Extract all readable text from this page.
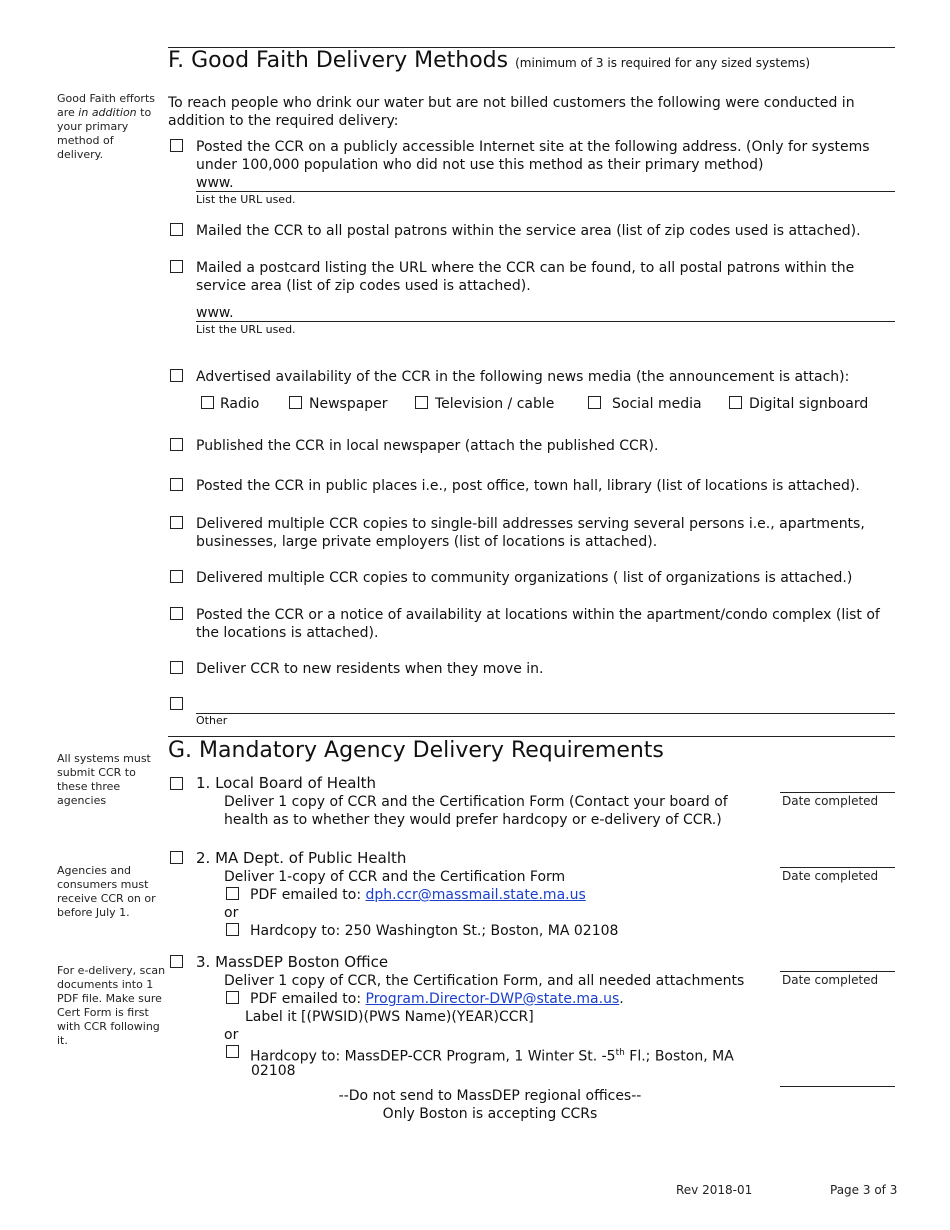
F. Good Faith Delivery Methods (minimum of 3 is required for any sized systems)
Good Faith efforts are in addition to your primary method of delivery.
To reach people who drink our water but are not billed customers the following were conducted in addition to the required delivery:
Posted the CCR on a publicly accessible Internet site at the following address. (Only for systems under 100,000 population who did not use this method as their primary method)
www.
List the URL used.
Mailed the CCR to all postal patrons within the service area (list of zip codes used is attached).
Mailed a postcard listing the URL where the CCR can be found, to all postal patrons within the service area (list of zip codes used is attached).
www.
List the URL used.
Advertised availability of the CCR in the following news media (the announcement is attach):
Radio	Newspaper	Television / cable	Social media	Digital signboard
Published the CCR in local newspaper (attach the published CCR).
Posted the CCR in public places i.e., post office, town hall, library (list of locations is attached).
Delivered multiple CCR copies to single-bill addresses serving several persons i.e., apartments, businesses, large private employers (list of locations is attached).
Delivered multiple CCR copies to community organizations ( list of organizations is attached.)
Posted the CCR or a notice of availability at locations within the apartment/condo complex (list of the locations is attached).
Deliver CCR to new residents when they move in.
Other
G. Mandatory Agency Delivery Requirements
All systems must submit CCR to these three agencies
Agencies and consumers must receive CCR on or before July 1.
For e-delivery, scan documents into 1 PDF file. Make sure Cert Form is first with CCR following it.
1. Local Board of Health
Deliver 1 copy of CCR and the Certification Form (Contact your board of health as to whether they would prefer hardcopy or e-delivery of CCR.)
Date completed
2. MA Dept. of Public Health
Deliver 1-copy of CCR and the Certification Form	Date completed
PDF emailed to: dph.ccr@massmail.state.ma.us
or
Hardcopy to: 250 Washington St.; Boston, MA 02108
3. MassDEP Boston Office
Deliver 1 copy of CCR, the Certification Form, and all needed attachments	Date completed
PDF emailed to: Program.Director-DWP@state.ma.us.
Label it [(PWSID)(PWS Name)(YEAR)CCR]
or
Hardcopy to: MassDEP-CCR Program, 1 Winter St. -5th Fl.; Boston, MA
02108
--Do not send to MassDEP regional offices--
Only Boston is accepting CCRs
Rev 2018-01	Page 3 of 3
